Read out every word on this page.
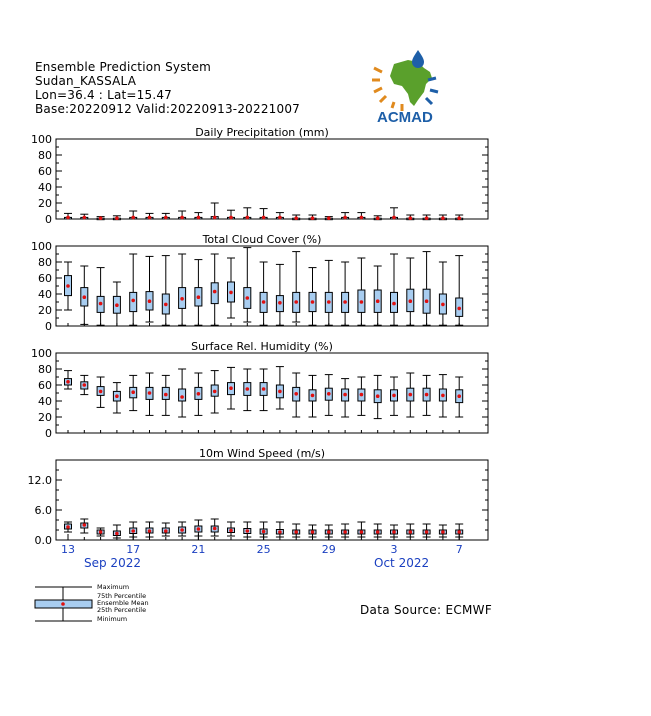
Ensemble Prediction System
Sudan_KASSALA
Lon=36.4 : Lat=15.47
Base:20220912 Valid:20220913-20221007	ACMAD
Daily Precipitation (mm)
0
20
40
60
80
100
Total Cloud Cover (%)
0
20
40
60
80
100
Surface Rel. Humidity (%)
0
20
40
60
80
100
10m Wind Speed (m/s)
0.0
6.0
12.0
13	17	21	25	29	3	7
Sep 2022	Oct 2022
Data Source: ECMWF
Maximum
75th Percentile
Ensemble Mean
25th Percentile
Minimum
